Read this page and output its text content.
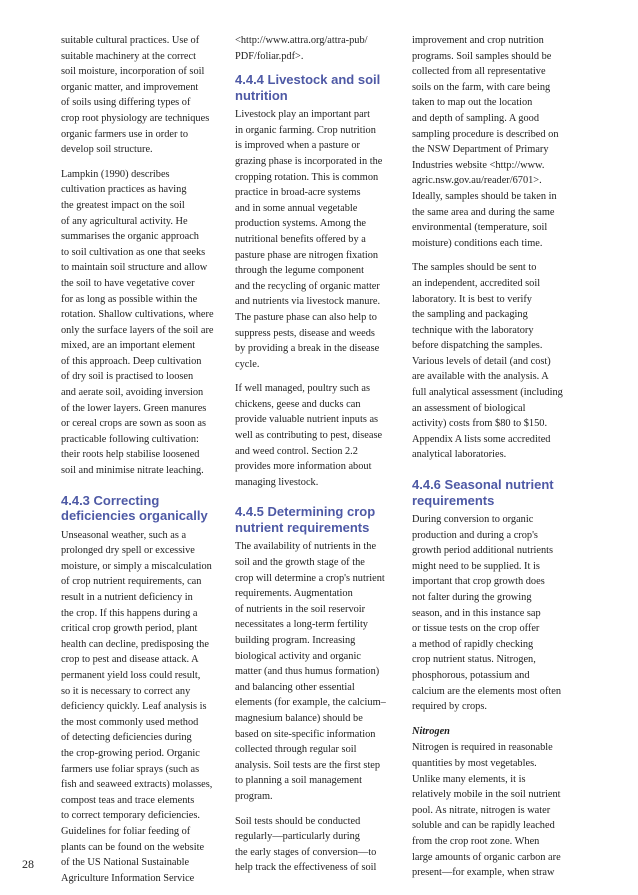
suitable cultural practices. Use of
suitable machinery at the correct
soil moisture, incorporation of soil
organic matter, and improvement
of soils using differing types of
crop root physiology are techniques
organic farmers use in order to
develop soil structure.

Lampkin (1990) describes
cultivation practices as having
the greatest impact on the soil
of any agricultural activity. He
summarises the organic approach
to soil cultivation as one that seeks
to maintain soil structure and allow
the soil to have vegetative cover
for as long as possible within the
rotation. Shallow cultivations, where
only the surface layers of the soil are
mixed, are an important element
of this approach. Deep cultivation
of dry soil is practised to loosen
and aerate soil, avoiding inversion
of the lower layers. Green manures
or cereal crops are sown as soon as
practicable following cultivation:
their roots help stabilise loosened
soil and minimise nitrate leaching.

4.4.3 Correcting
deficiencies organically

Unseasonal weather, such as a
prolonged dry spell or excessive
moisture, or simply a miscalculation
of crop nutrient requirements, can
result in a nutrient deficiency in
the crop. If this happens during a
critical crop growth period, plant
health can decline, predisposing the
crop to pest and disease attack. A
permanent yield loss could result,
so it is necessary to correct any
deficiency quickly. Leaf analysis is
the most commonly used method
of detecting deficiencies during
the crop-growing period. Organic
farmers use foliar sprays (such as
fish and seaweed extracts) molasses,
compost teas and trace elements
to correct temporary deficiencies.
Guidelines for foliar feeding of
plants can be found on the website
of the US National Sustainable
Agriculture Information Service

<http://www.attra.org/attra-pub/
PDF/foliar.pdf>.

4.4.4 Livestock and soil
nutrition

Livestock play an important part
in organic farming. Crop nutrition
is improved when a pasture or
grazing phase is incorporated in the
cropping rotation. This is common
practice in broad-acre systems
and in some annual vegetable
production systems. Among the
nutritional benefits offered by a
pasture phase are nitrogen fixation
through the legume component
and the recycling of organic matter
and nutrients via livestock manure.
The pasture phase can also help to
suppress pests, disease and weeds
by providing a break in the disease
cycle.

If well managed, poultry such as
chickens, geese and ducks can
provide valuable nutrient inputs as
well as contributing to pest, disease
and weed control. Section 2.2
provides more information about
managing livestock.

4.4.5 Determining crop
nutrient requirements

The availability of nutrients in the
soil and the growth stage of the
crop will determine a crop's nutrient
requirements. Augmentation
of nutrients in the soil reservoir
necessitates a long-term fertility
building program. Increasing
biological activity and organic
matter (and thus humus formation)
and balancing other essential
elements (for example, the calcium–
magnesium balance) should be
based on site-specific information
collected through regular soil
analysis. Soil tests are the first step
to planning a soil management
program.

Soil tests should be conducted
regularly—particularly during
the early stages of conversion—to
help track the effectiveness of soil

improvement and crop nutrition
programs. Soil samples should be
collected from all representative
soils on the farm, with care being
taken to map out the location
and depth of sampling. A good
sampling procedure is described on
the NSW Department of Primary
Industries website <http://www.
agric.nsw.gov.au/reader/6701>.
Ideally, samples should be taken in
the same area and during the same
environmental (temperature, soil
moisture) conditions each time.

The samples should be sent to
an independent, accredited soil
laboratory. It is best to verify
the sampling and packaging
technique with the laboratory
before dispatching the samples.
Various levels of detail (and cost)
are available with the analysis. A
full analytical assessment (including
an assessment of biological
activity) costs from $80 to $150.
Appendix A lists some accredited
analytical laboratories.

4.4.6 Seasonal nutrient
requirements

During conversion to organic
production and during a crop's
growth period additional nutrients
might need to be supplied. It is
important that crop growth does
not falter during the growing
season, and in this instance sap
or tissue tests on the crop offer
a method of rapidly checking
crop nutrient status. Nitrogen,
phosphorous, potassium and
calcium are the elements most often
required by crops.

Nitrogen

Nitrogen is required in reasonable
quantities by most vegetables.
Unlike many elements, it is
relatively mobile in the soil nutrient
pool. As nitrate, nitrogen is water
soluble and can be rapidly leached
from the crop root zone. When
large amounts of organic carbon are
present—for example, when straw

28
